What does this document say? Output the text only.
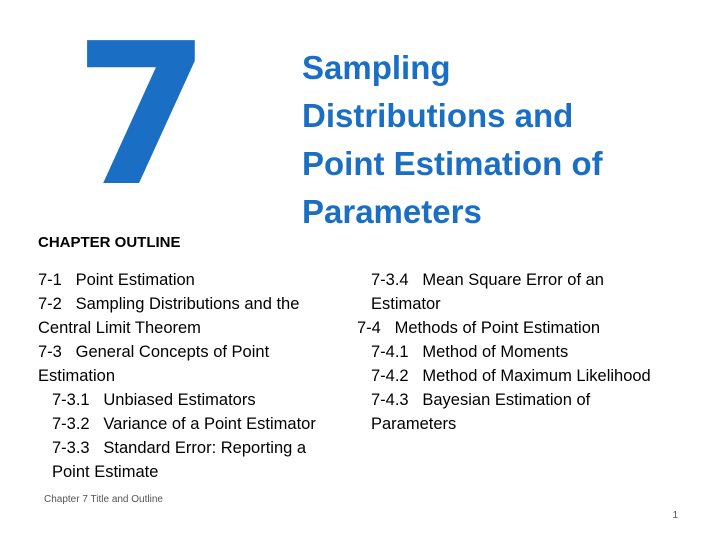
7	Sampling
Distributions and
Point Estimation of
Parameters
CHAPTER OUTLINE
7-1 Point Estimation
7-2 Sampling Distributions and the Central Limit Theorem
7-3 General Concepts of Point Estimation
7-3.1 Unbiased Estimators
7-3.2 Variance of a Point Estimator
7-3.3 Standard Error: Reporting a Point Estimate
7-3.4 Mean Square Error of an Estimator
7-4 Methods of Point Estimation
7-4.1 Method of Moments
7-4.2 Method of Maximum Likelihood
7-4.3 Bayesian Estimation of Parameters
Chapter 7 Title and Outline
1
